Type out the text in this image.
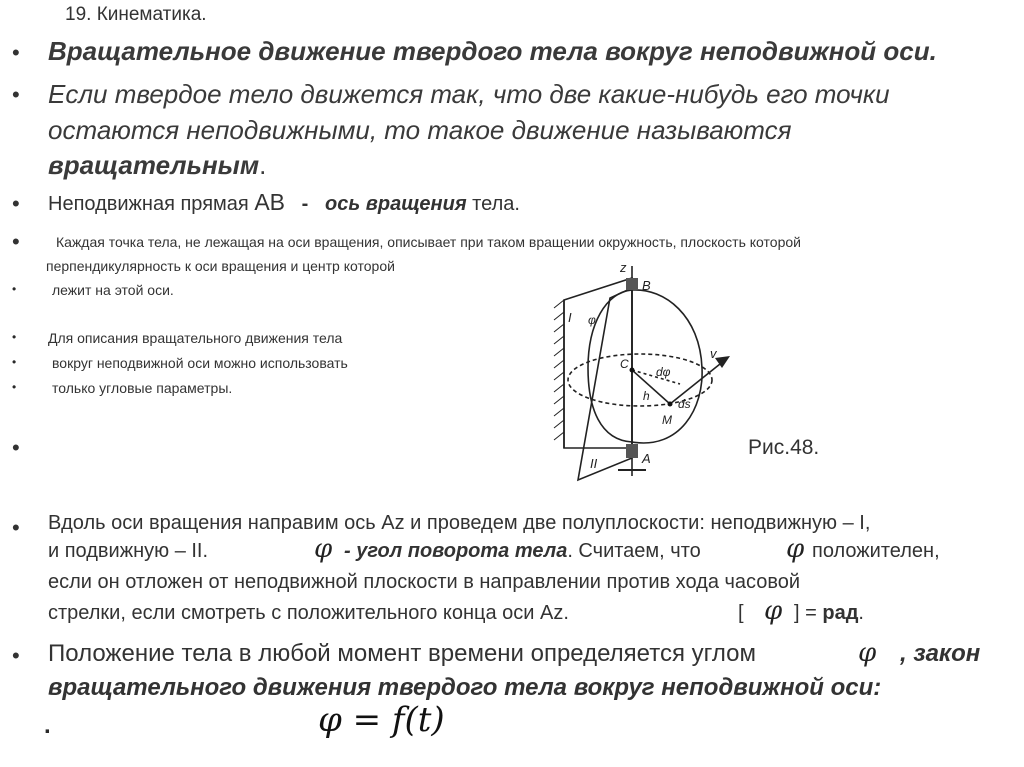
19. Кинематика.
• Вращательное движение твердого тела вокруг неподвижной оси.
• Если твердое тело движется так, что две какие-нибудь его точки
остаются неподвижными, то такое движение называются
вращательным.
• Неподвижная прямая АВ - ось вращения тела.
•	Каждая точка тела, не лежащая на оси вращения, описывает при таком вращении окружность, плоскость которой
перпендикулярность к оси вращения и центр которой
•	лежит на этой оси.
• Для описания вращательного движения тела
•	вокруг неподвижной оси можно использовать
•	только угловые параметры.
•
z
B
A
I
II
C
M
h
φ
dφ
ds
v
Рис.48.
• Вдоль оси вращения направим ось Az и проведем две полуплоскости: неподвижную – I,
и подвижную – II.	φ - угол поворота тела. Считаем, что	φ положителен,
если он отложен от неподвижной плоскости в направлении против хода часовой
стрелки, если смотреть с положительного конца оси Az.	[ φ ] = рад.
• Положение тела в любой момент времени определяется углом	φ , закон
вращательного движения твердого тела вокруг неподвижной оси:
.	φ = f(t)
